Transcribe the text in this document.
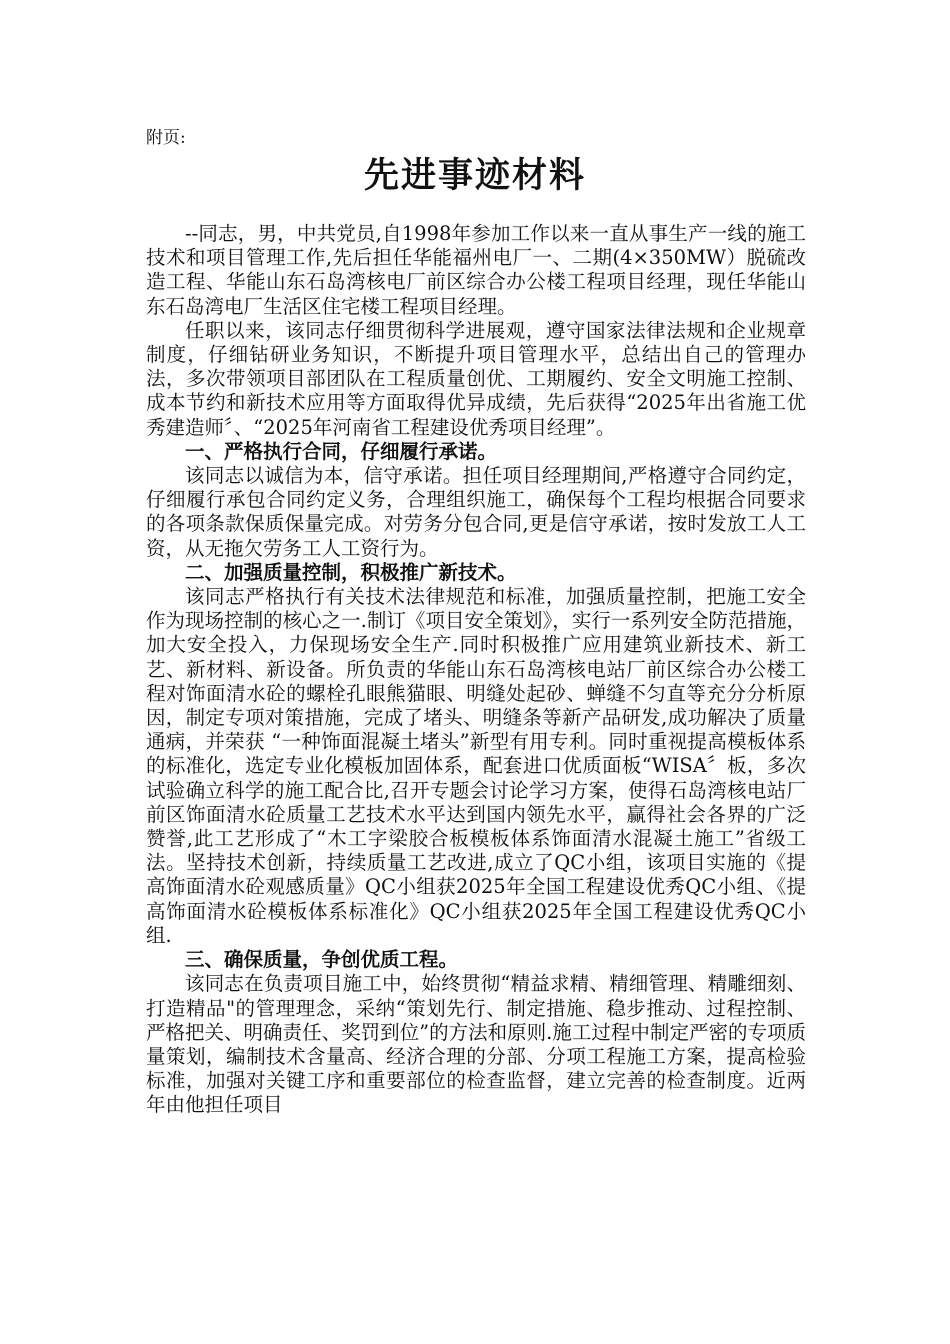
附页:
先进事迹材料

--同志，男，中共党员,自1998年参加工作以来一直从事生产一线的施工技术和项目管理工作,先后担任华能福州电厂一、二期(4×350MW）脱硫改造工程、华能山东石岛湾核电厂前区综合办公楼工程项目经理，现任华能山东石岛湾电厂生活区住宅楼工程项目经理。

任职以来，该同志仔细贯彻科学进展观，遵守国家法律法规和企业规章制度，仔细钻研业务知识，不断提升项目管理水平，总结出自己的管理办法，多次带领项目部团队在工程质量创优、工期履约、安全文明施工控制、成本节约和新技术应用等方面取得优异成绩，先后获得“2025年出省施工优秀建造师〞、“2025年河南省工程建设优秀项目经理”。

一、严格执行合同，仔细履行承诺。

该同志以诚信为本，信守承诺。担任项目经理期间,严格遵守合同约定，仔细履行承包合同约定义务，合理组织施工，确保每个工程均根据合同要求的各项条款保质保量完成。对劳务分包合同,更是信守承诺，按时发放工人工资，从无拖欠劳务工人工资行为。

二、加强质量控制，积极推广新技术。

该同志严格执行有关技术法律规范和标准，加强质量控制，把施工安全作为现场控制的核心之一.制订《项目安全策划》，实行一系列安全防范措施，加大安全投入，力保现场安全生产.同时积极推广应用建筑业新技术、新工艺、新材料、新设备。所负责的华能山东石岛湾核电站厂前区综合办公楼工程对饰面清水砼的螺栓孔眼熊猫眼、明缝处起砂、蝉缝不匀直等充分分析原因，制定专项对策措施，完成了堵头、明缝条等新产品研发,成功解决了质量通病，并荣获 “一种饰面混凝土堵头”新型有用专利。同时重视提高模板体系的标准化，选定专业化模板加固体系，配套进口优质面板“WISA〞板，多次试验确立科学的施工配合比,召开专题会讨论学习方案，使得石岛湾核电站厂前区饰面清水砼质量工艺技术水平达到国内领先水平，赢得社会各界的广泛赞誉,此工艺形成了“木工字梁胶合板模板体系饰面清水混凝土施工”省级工法。坚持技术创新，持续质量工艺改进,成立了QC小组，该项目实施的《提高饰面清水砼观感质量》QC小组获2025年全国工程建设优秀QC小组、《提高饰面清水砼模板体系标准化》QC小组获2025年全国工程建设优秀QC小组.

三、确保质量，争创优质工程。

该同志在负责项目施工中，始终贯彻“精益求精、精细管理、精雕细刻、打造精品"的管理理念，采纳“策划先行、制定措施、稳步推动、过程控制、严格把关、明确责任、奖罚到位”的方法和原则.施工过程中制定严密的专项质量策划，编制技术含量高、经济合理的分部、分项工程施工方案，提高检验标准，加强对关键工序和重要部位的检查监督，建立完善的检查制度。近两年由他担任项目
